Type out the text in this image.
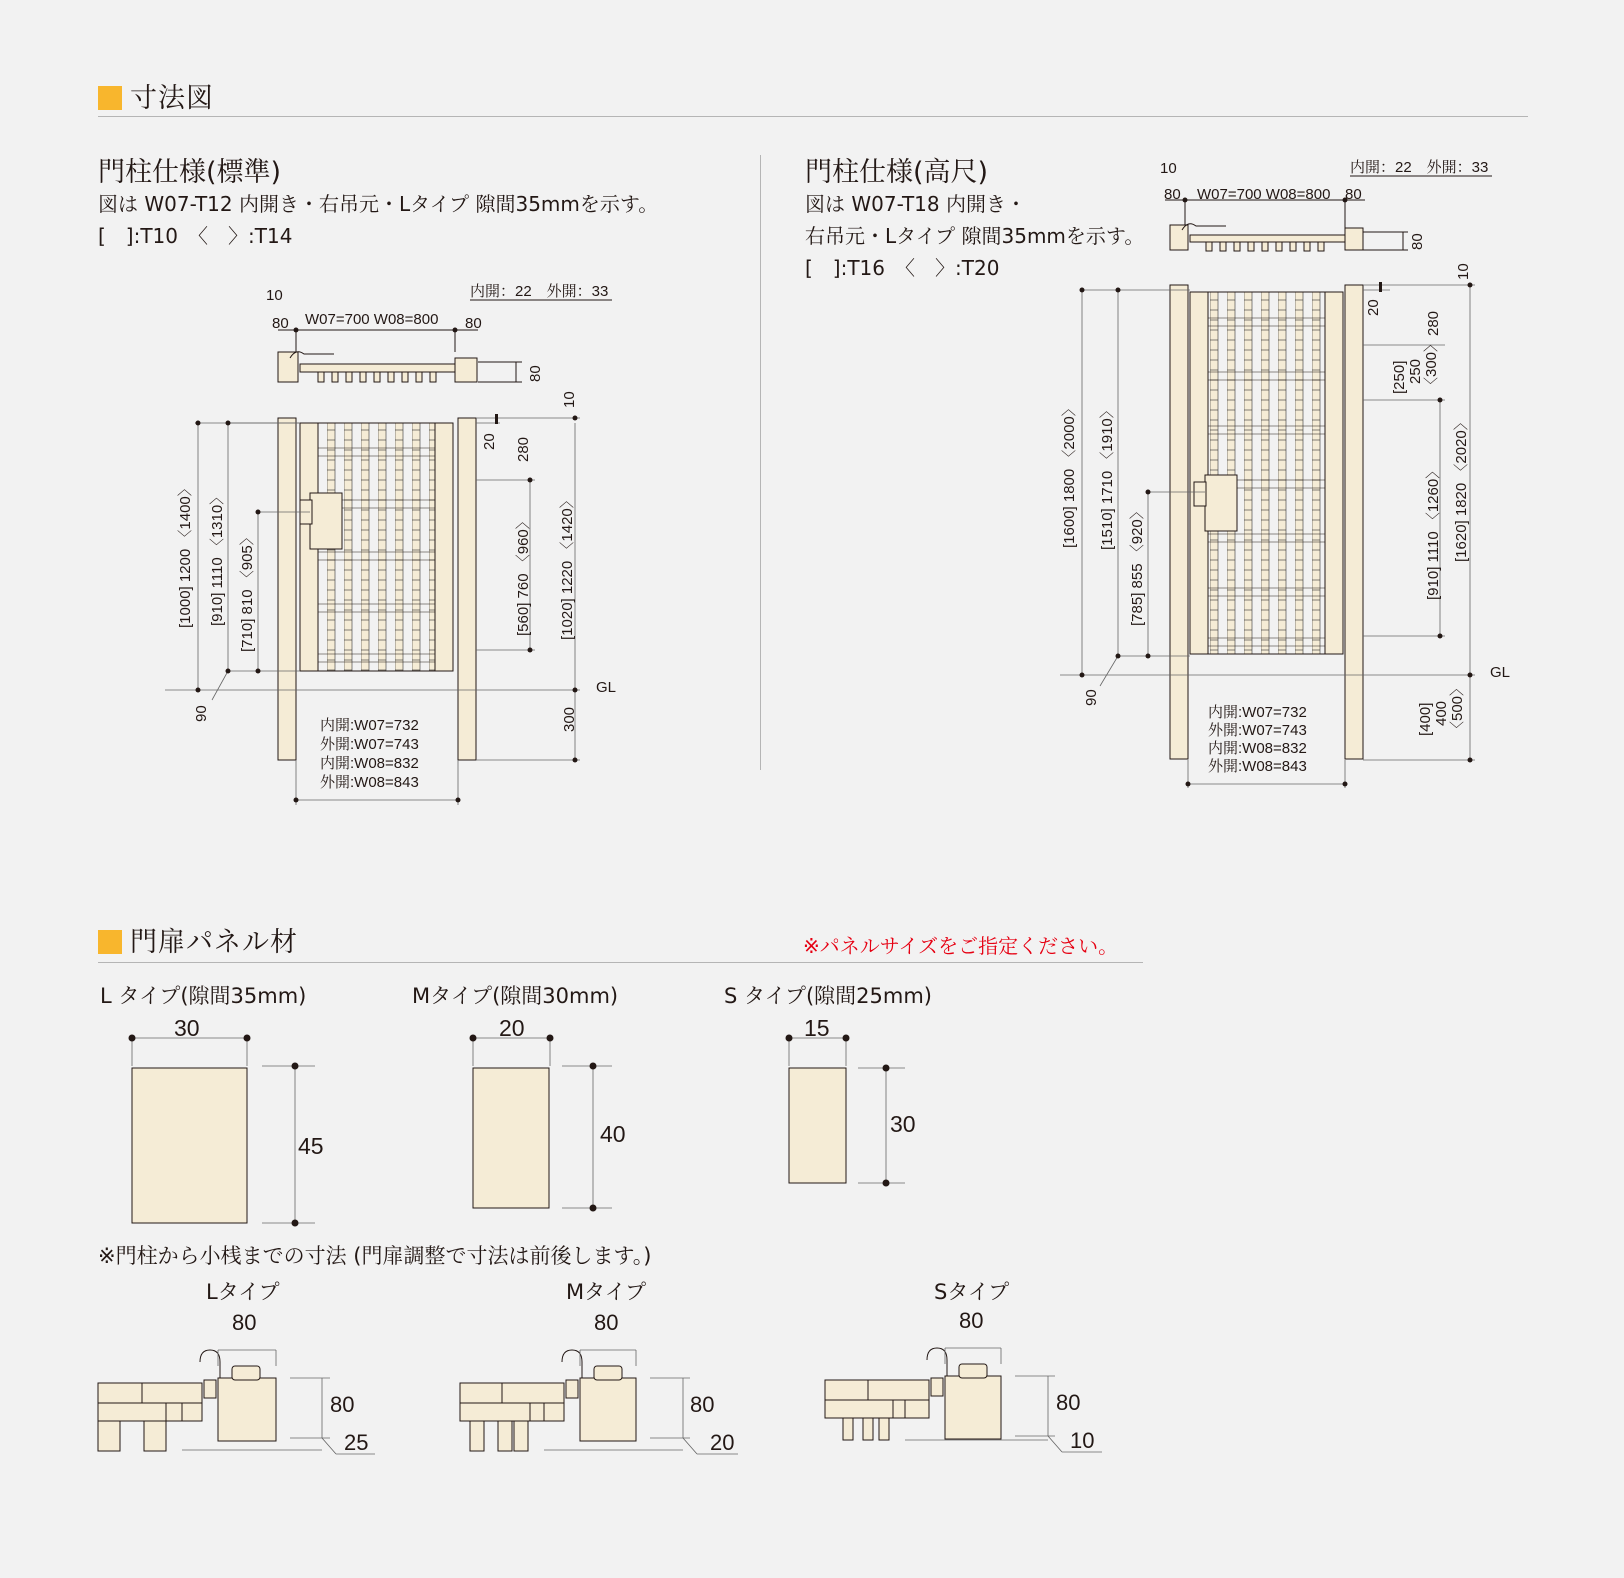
寸法図
門柱仕様(標準)
図は W07-T12 内開き・右吊元・Lタイプ 隙間35mmを示す。
[　]:T10　〈　〉:T14
門柱仕様(高尺)
図は W07-T18 内開き・
右吊元・Lタイプ 隙間35mmを示す。
[　]:T16　〈　〉:T20
10
80 W07=700 W08=800 80
内開：22　外開：33
80
10
20 280
[560] 760 〈960〉 [1020] 1220 〈1420〉
300
[1000] 1200 〈1400〉 [910] 1110 〈1310〉 [710] 810 〈905〉
90
GL
内開:W07=732
外開:W07=743
内開:W08=832
外開:W08=843
10
80 W07=700 W08=800 80
内開：22　外開：33
80
10
20
280
[250] 250 〈300〉
[910] 1110 〈1260〉 [1620] 1820 〈2020〉
[400] 400 〈500〉
[1600] 1800 〈2000〉 [1510] 1710 〈1910〉
[785] 855 〈920〉
90
GL
内開:W07=732
外開:W07=743
内開:W08=832
外開:W08=843
30
45
20
40
15
30
80
80
25
80
80
20
80
80
10
門扉パネル材	※パネルサイズをご指定ください。
L タイプ(隙間35mm)	Mタイプ(隙間30mm)	S タイプ(隙間25mm)
※門柱から小桟までの寸法 (門扉調整で寸法は前後します。)
Lタイプ	Mタイプ	Sタイプ
